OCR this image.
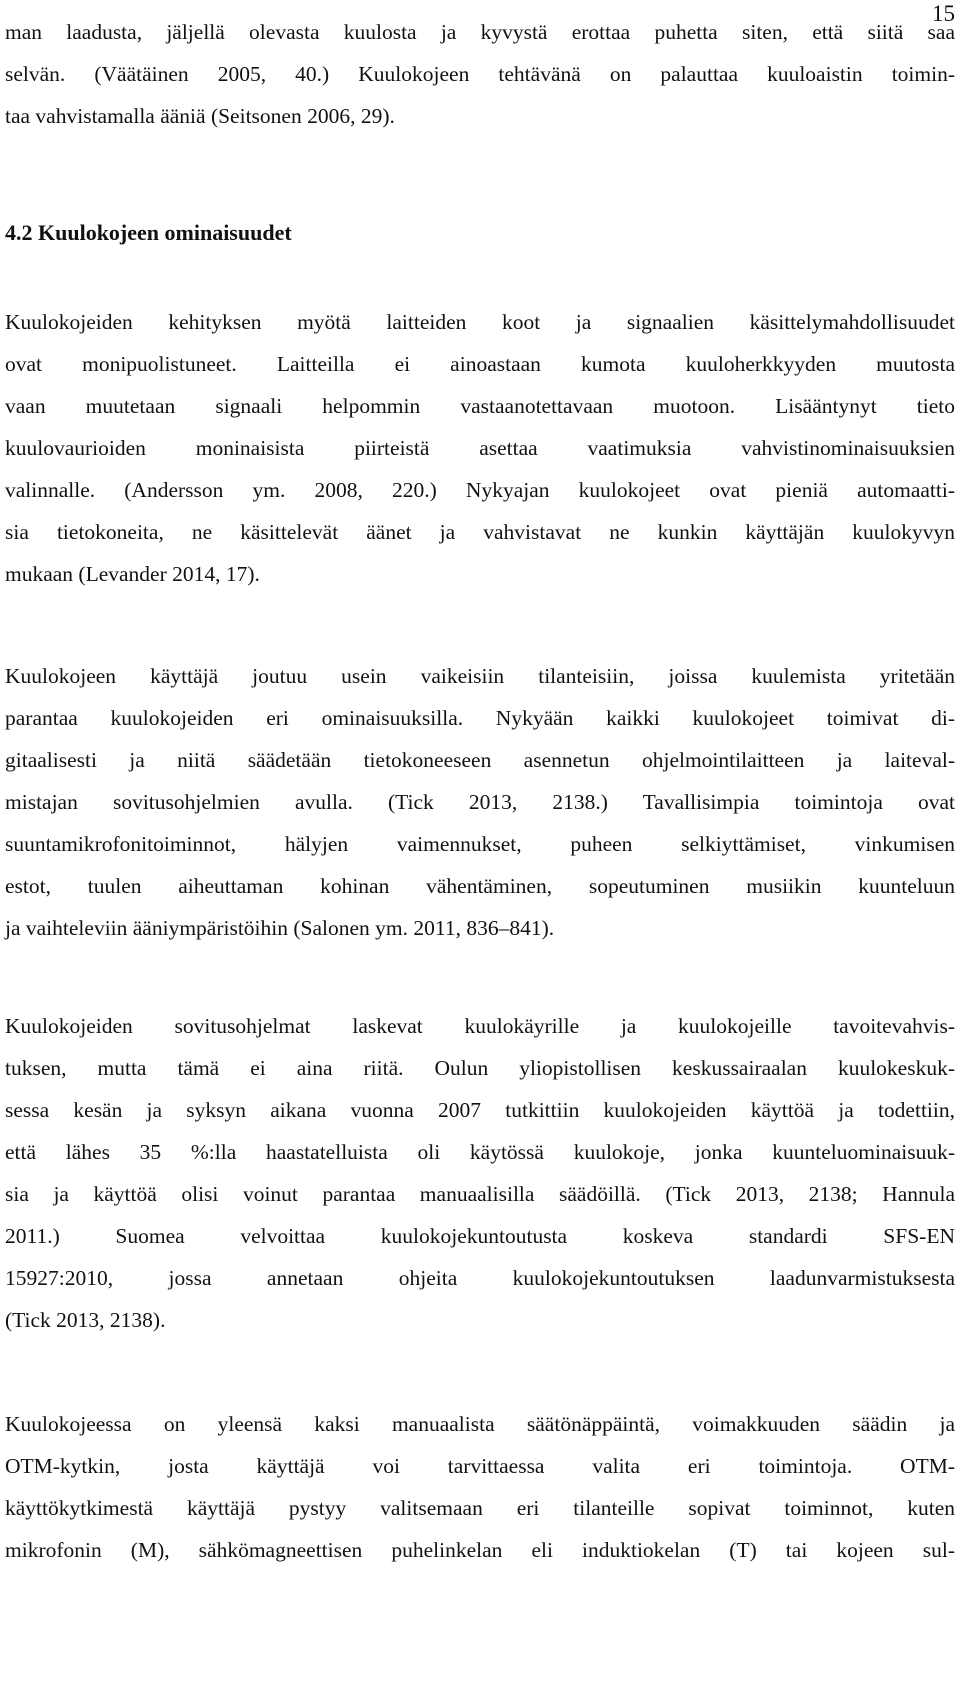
15
man laadusta, jäljellä olevasta kuulosta ja kyvystä erottaa puhetta siten, että siitä saa
selvän. (Väätäinen 2005, 40.) Kuulokojeen tehtävänä on palauttaa kuuloaistin toimin-
taa vahvistamalla ääniä (Seitsonen 2006, 29).
4.2 Kuulokojeen ominaisuudet
Kuulokojeiden kehityksen myötä laitteiden koot ja signaalien käsittelymahdollisuudet
ovat monipuolistuneet. Laitteilla ei ainoastaan kumota kuuloherkkyyden muutosta
vaan muutetaan signaali helpommin vastaanotettavaan muotoon. Lisääntynyt tieto
kuulovaurioiden moninaisista piirteistä asettaa vaatimuksia vahvistinominaisuuksien
valinnalle. (Andersson ym. 2008, 220.) Nykyajan kuulokojeet ovat pieniä automaatti-
sia tietokoneita, ne käsittelevät äänet ja vahvistavat ne kunkin käyttäjän kuulokyvyn
mukaan (Levander 2014, 17).
Kuulokojeen käyttäjä joutuu usein vaikeisiin tilanteisiin, joissa kuulemista yritetään
parantaa kuulokojeiden eri ominaisuuksilla. Nykyään kaikki kuulokojeet toimivat di-
gitaalisesti ja niitä säädetään tietokoneeseen asennetun ohjelmointilaitteen ja laiteval-
mistajan sovitusohjelmien avulla. (Tick 2013, 2138.) Tavallisimpia toimintoja ovat
suuntamikrofonitoiminnot, hälyjen vaimennukset, puheen selkiyttämiset, vinkumisen
estot, tuulen aiheuttaman kohinan vähentäminen, sopeutuminen musiikin kuunteluun
ja vaihteleviin ääniympäristöihin (Salonen ym. 2011, 836–841).
Kuulokojeiden sovitusohjelmat laskevat kuulokäyrille ja kuulokojeille tavoitevahvis-
tuksen, mutta tämä ei aina riitä. Oulun yliopistollisen keskussairaalan kuulokeskuk-
sessa kesän ja syksyn aikana vuonna 2007 tutkittiin kuulokojeiden käyttöä ja todettiin,
että lähes 35 %:lla haastatelluista oli käytössä kuulokoje, jonka kuunteluominaisuuk-
sia ja käyttöä olisi voinut parantaa manuaalisilla säädöillä. (Tick 2013, 2138; Hannula
2011.) Suomea velvoittaa kuulokojekuntoutusta koskeva standardi SFS-EN
15927:2010, jossa annetaan ohjeita kuulokojekuntoutuksen laadunvarmistuksesta
(Tick 2013, 2138).
Kuulokojeessa on yleensä kaksi manuaalista säätönäppäintä, voimakkuuden säädin ja
OTM-kytkin, josta käyttäjä voi tarvittaessa valita eri toimintoja. OTM-
käyttökytkimestä käyttäjä pystyy valitsemaan eri tilanteille sopivat toiminnot, kuten
mikrofonin (M), sähkömagneettisen puhelinkelan eli induktiokelan (T) tai kojeen sul-
